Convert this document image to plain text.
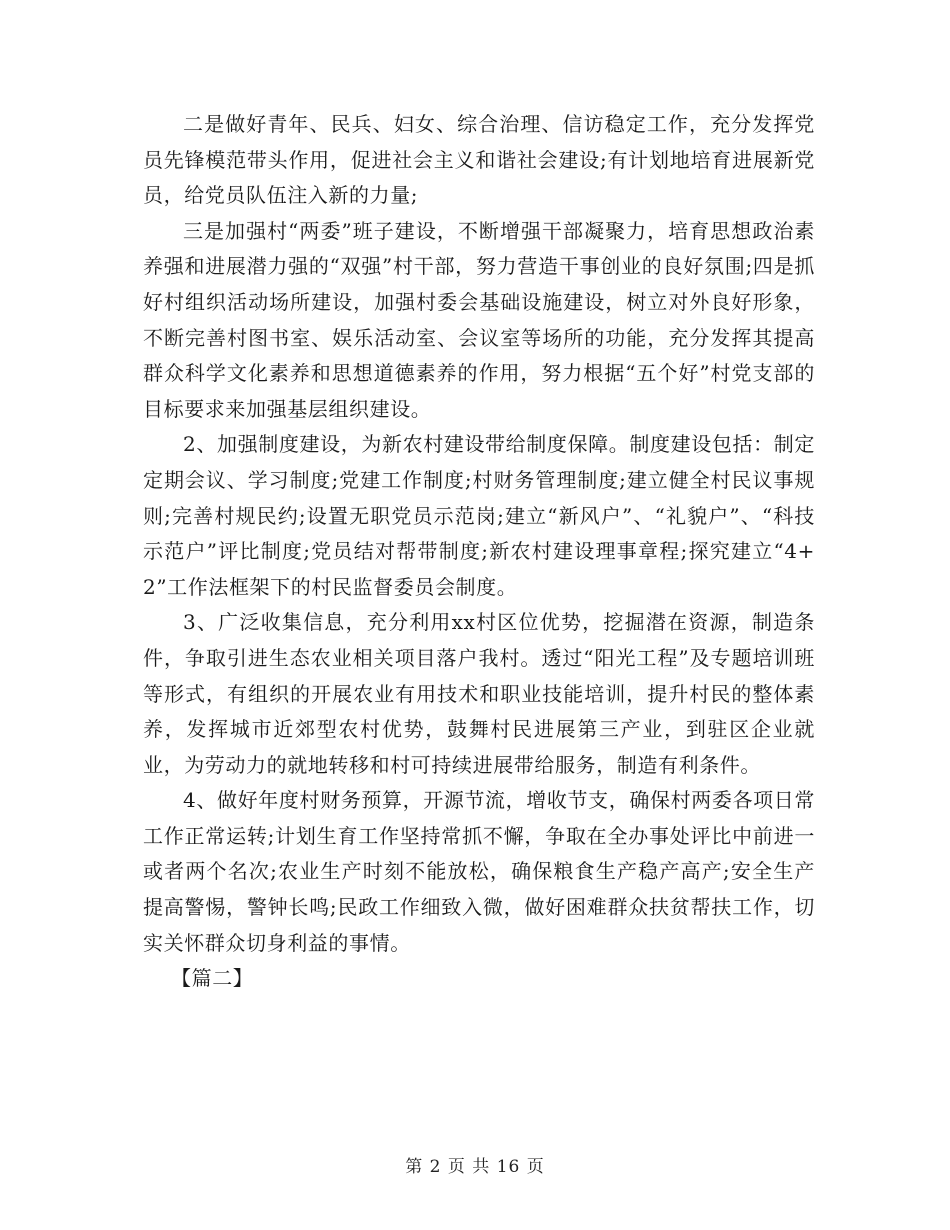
二是做好青年、民兵、妇女、综合治理、信访稳定工作，充分发挥党员先锋模范带头作用，促进社会主义和谐社会建设;有计划地培育进展新党员，给党员队伍注入新的力量;

三是加强村“两委”班子建设，不断增强干部凝聚力，培育思想政治素养强和进展潜力强的“双强”村干部，努力营造干事创业的良好氛围;四是抓好村组织活动场所建设，加强村委会基础设施建设，树立对外良好形象，不断完善村图书室、娱乐活动室、会议室等场所的功能，充分发挥其提高群众科学文化素养和思想道德素养的作用，努力根据“五个好”村党支部的目标要求来加强基层组织建设。

2、加强制度建设，为新农村建设带给制度保障。制度建设包括：制定定期会议、学习制度;党建工作制度;村财务管理制度;建立健全村民议事规则;完善村规民约;设置无职党员示范岗;建立“新风户”、“礼貌户”、“科技示范户”评比制度;党员结对帮带制度;新农村建设理事章程;探究建立“4+2”工作法框架下的村民监督委员会制度。

3、广泛收集信息，充分利用xx村区位优势，挖掘潜在资源，制造条件，争取引进生态农业相关项目落户我村。透过“阳光工程”及专题培训班等形式，有组织的开展农业有用技术和职业技能培训，提升村民的整体素养，发挥城市近郊型农村优势，鼓舞村民进展第三产业，到驻区企业就业，为劳动力的就地转移和村可持续进展带给服务，制造有利条件。

4、做好年度村财务预算，开源节流，增收节支，确保村两委各项日常工作正常运转;计划生育工作坚持常抓不懈，争取在全办事处评比中前进一或者两个名次;农业生产时刻不能放松，确保粮食生产稳产高产;安全生产提高警惕，警钟长鸣;民政工作细致入微，做好困难群众扶贫帮扶工作，切实关怀群众切身利益的事情。

【篇二】

第 2 页 共 16 页
